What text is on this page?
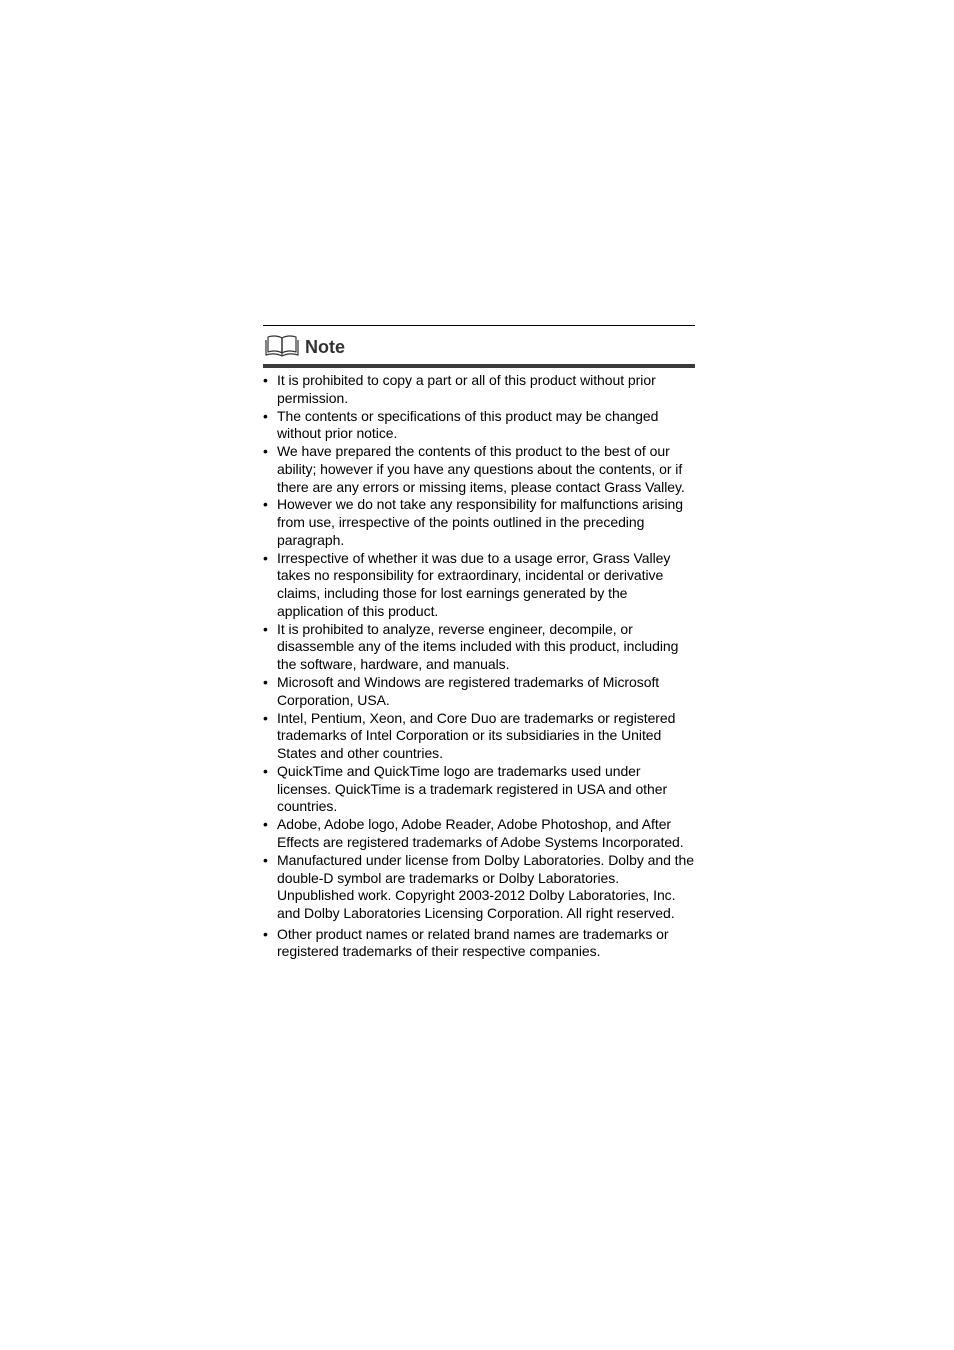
Note
• It is prohibited to copy a part or all of this product without prior permission.
• The contents or specifications of this product may be changed without prior notice.
• We have prepared the contents of this product to the best of our ability; however if you have any questions about the contents, or if there are any errors or missing items, please contact Grass Valley.
• However we do not take any responsibility for malfunctions arising from use, irrespective of the points outlined in the preceding paragraph.
• Irrespective of whether it was due to a usage error, Grass Valley takes no responsibility for extraordinary, incidental or derivative claims, including those for lost earnings generated by the application of this product.
• It is prohibited to analyze, reverse engineer, decompile, or disassemble any of the items included with this product, including the software, hardware, and manuals.
• Microsoft and Windows are registered trademarks of Microsoft Corporation, USA.
• Intel, Pentium, Xeon, and Core Duo are trademarks or registered trademarks of Intel Corporation or its subsidiaries in the United States and other countries.
• QuickTime and QuickTime logo are trademarks used under licenses. QuickTime is a trademark registered in USA and other countries.
• Adobe, Adobe logo, Adobe Reader, Adobe Photoshop, and After Effects are registered trademarks of Adobe Systems Incorporated.
• Manufactured under license from Dolby Laboratories. Dolby and the double-D symbol are trademarks or Dolby Laboratories. Unpublished work. Copyright 2003-2012 Dolby Laboratories, Inc. and Dolby Laboratories Licensing Corporation. All right reserved.
• Other product names or related brand names are trademarks or registered trademarks of their respective companies.
